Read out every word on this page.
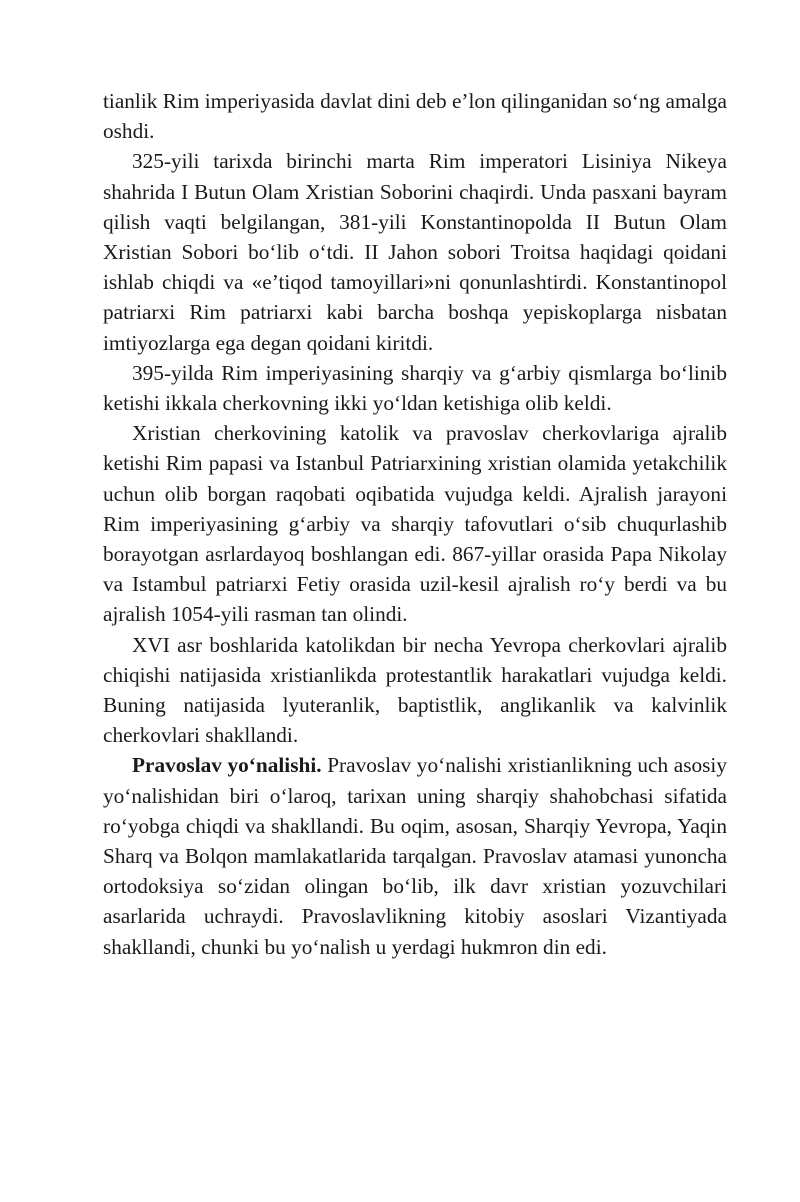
tianlik Rim imperiyasida davlat dini deb e’lon qilinganidan so‘ng amalga oshdi.

325-yili tarixda birinchi marta Rim imperatori Lisiniya Nikeya shahrida I Butun Olam Xristian Soborini chaqirdi. Unda pasxani bayram qilish vaqti belgilangan, 381-yili Konstantinopolda II Butun Olam Xristian Sobori bo‘lib o‘tdi. II Jahon sobori Troitsa haqidagi qoidani ishlab chiqdi va «e’tiqod tamoyillari»ni qonunlashtirdi. Konstantinopol patriarxi Rim patriarxi kabi barcha boshqa yepiskoplarga nisbatan imtiyozlarga ega degan qoidani kiritdi.

395-yilda Rim imperiyasining sharqiy va g‘arbiy qismlarga bo‘linib ketishi ikkala cherkovning ikki yo‘ldan ketishiga olib keldi.

Xristian cherkovining katolik va pravoslav cherkovlariga ajralib ketishi Rim papasi va Istanbul Patriarxining xristian olamida yetakchilik uchun olib borgan raqobati oqibatida vujudga keldi. Ajralish jarayoni Rim imperiyasining g‘arbiy va sharqiy tafovutlari o‘sib chuqurlashib borayotgan asrlardayoq boshlangan edi. 867-yillar orasida Papa Nikolay va Istambul patriarxi Fetiy orasida uzil-kesil ajralish ro‘y berdi va bu ajralish 1054-yili rasman tan olindi.

XVI asr boshlarida katolikdan bir necha Yevropa cherkovlari ajralib chiqishi natijasida xristianlikda protestantlik harakatlari vujudga keldi. Buning natijasida lyuteranlik, baptistlik, anglikanlik va kalvinlik cherkovlari shakllandi.

Pravoslav yo‘nalishi. Pravoslav yo‘nalishi xristianlikning uch asosiy yo‘nalishidan biri o‘laroq, tarixan uning sharqiy shahobchasi sifatida ro‘yobga chiqdi va shakllandi. Bu oqim, asosan, Sharqiy Yevropa, Yaqin Sharq va Bolqon mamlakatlarida tarqalgan. Pravoslav atamasi yunoncha ortodoksiya so‘zidan olingan bo‘lib, ilk davr xristian yozuvchilari asarlarida uchraydi. Pravoslavlikning kitobiy asoslari Vizantiyada shakllandi, chunki bu yo‘nalish u yerdagi hukmron din edi.
